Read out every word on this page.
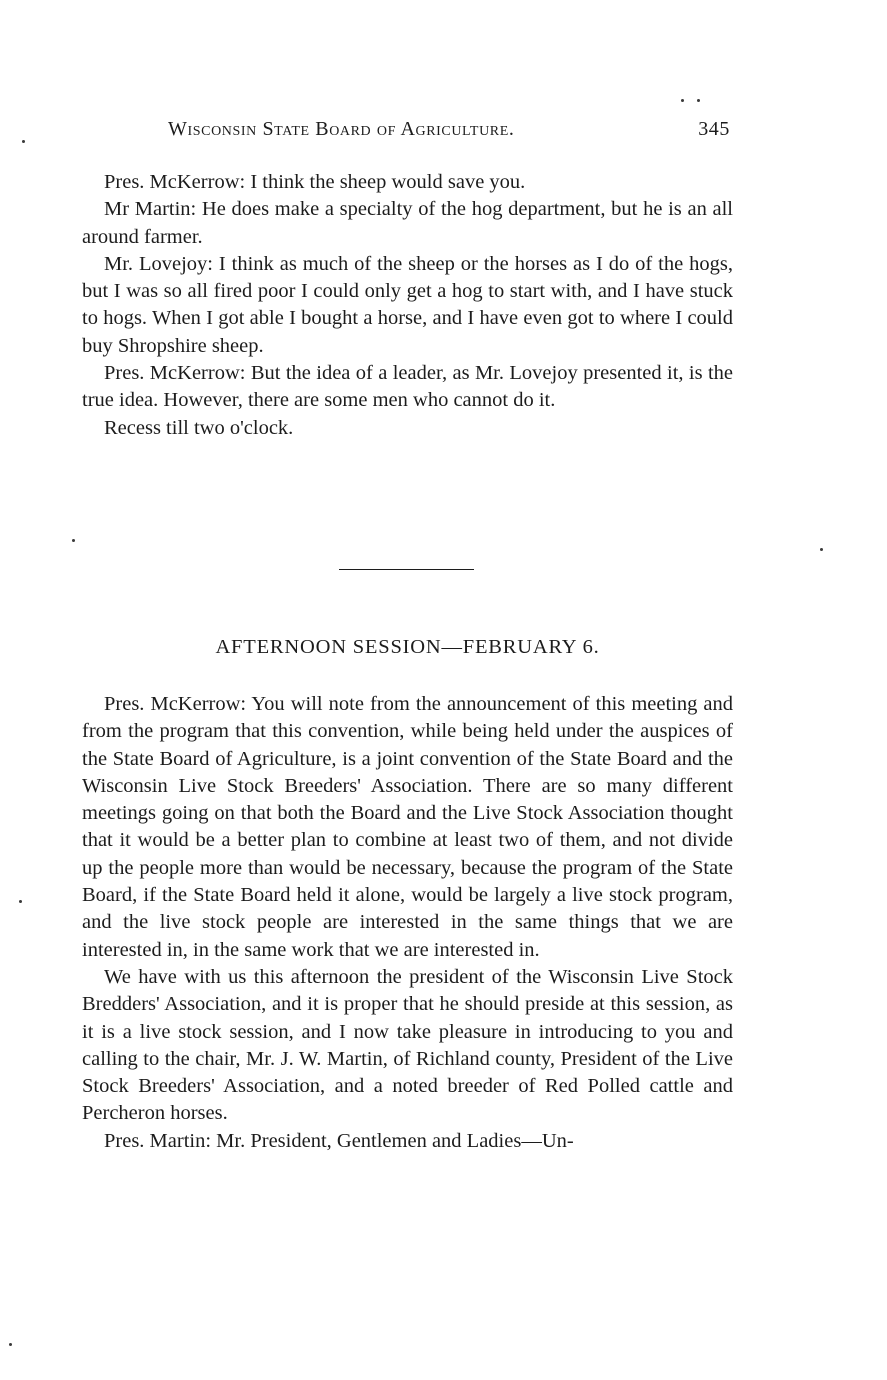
Wisconsin State Board of Agriculture.	345

Pres. McKerrow: I think the sheep would save you.

Mr Martin: He does make a specialty of the hog department, but he is an all around farmer.

Mr. Lovejoy: I think as much of the sheep or the horses as I do of the hogs, but I was so all fired poor I could only get a hog to start with, and I have stuck to hogs. When I got able I bought a horse, and I have even got to where I could buy Shropshire sheep.

Pres. McKerrow: But the idea of a leader, as Mr. Lovejoy presented it, is the true idea. However, there are some men who cannot do it.

Recess till two o'clock.

AFTERNOON SESSION—FEBRUARY 6.

Pres. McKerrow: You will note from the announcement of this meeting and from the program that this convention, while being held under the auspices of the State Board of Agriculture, is a joint convention of the State Board and the Wisconsin Live Stock Breeders' Association. There are so many different meetings going on that both the Board and the Live Stock Association thought that it would be a better plan to combine at least two of them, and not divide up the people more than would be necessary, because the program of the State Board, if the State Board held it alone, would be largely a live stock program, and the live stock people are interested in the same things that we are interested in, in the same work that we are interested in.

We have with us this afternoon the president of the Wisconsin Live Stock Bredders' Association, and it is proper that he should preside at this session, as it is a live stock session, and I now take pleasure in introducing to you and calling to the chair, Mr. J. W. Martin, of Richland county, President of the Live Stock Breeders' Association, and a noted breeder of Red Polled cattle and Percheron horses.

Pres. Martin: Mr. President, Gentlemen and Ladies—Un-
